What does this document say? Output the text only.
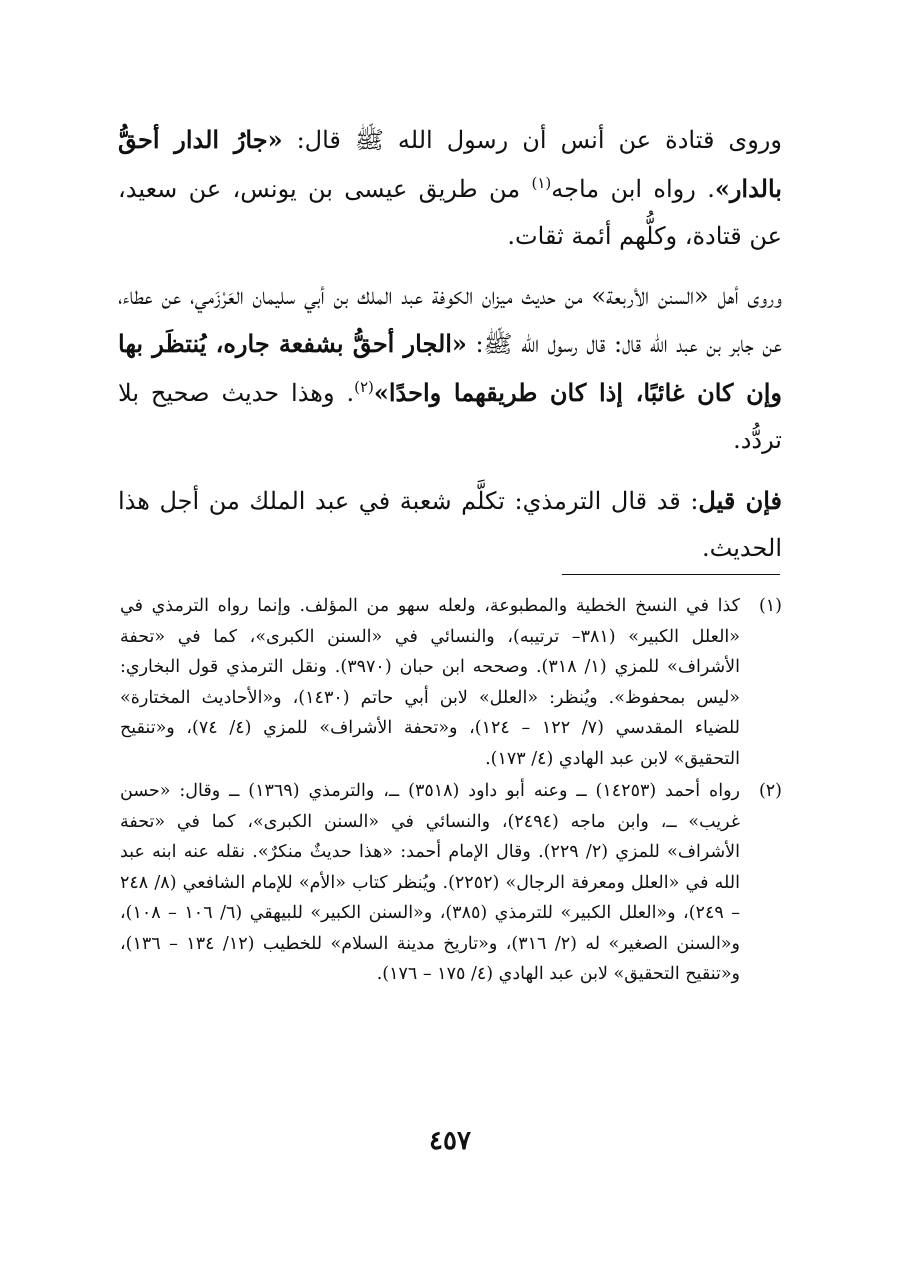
وروى قتادة عن أنس أن رسول الله ﷺ قال: «جارُ الدار أحقُّ بالدار». رواه ابن ماجه$^{(١)}$ من طريق عيسى بن يونس، عن سعيد، عن قتادة، وكلُّهم أئمة ثقات.

وروى أهل «السنن الأربعة» من حديث ميزان الكوفة عبد الملك بن أبي سليمان العَرْزَمي، عن عطاء، عن جابر بن عبد الله قال: قال رسول الله ﷺ: «الجار أحقُّ بشفعة جاره، يُنتظَر بها وإن كان غائبًا، إذا كان طريقهما واحدًا»$^{(٢)}$. وهذا حديث صحيح بلا تردُّد.

فإن قيل: قد قال الترمذي: تكلَّم شعبة في عبد الملك من أجل هذا الحديث.

(١)
كذا في النسخ الخطية والمطبوعة، ولعله سهو من المؤلف. وإنما رواه الترمذي في «العلل الكبير» (٣٨١– ترتيبه)، والنسائي في «السنن الكبرى»، كما في «تحفة الأشراف» للمزي (١/ ٣١٨). وصححه ابن حبان (٣٩٧٠). ونقل الترمذي قول البخاري: «ليس بمحفوظ». ويُنظر: «العلل» لابن أبي حاتم (١٤٣٠)، و«الأحاديث المختارة» للضياء المقدسي (٧/ ١٢٢ – ١٢٤)، و«تحفة الأشراف» للمزي (٤/ ٧٤)، و«تنقيح التحقيق» لابن عبد الهادي (٤/ ١٧٣).
(٢)
رواه أحمد (١٤٢٥٣) ــ وعنه أبو داود (٣٥١٨) ــ، والترمذي (١٣٦٩) ــ وقال: «حسن غريب» ــ، وابن ماجه (٢٤٩٤)، والنسائي في «السنن الكبرى»، كما في «تحفة الأشراف» للمزي (٢/ ٢٢٩). وقال الإمام أحمد: «هذا حديثٌ منكرٌ». نقله عنه ابنه عبد الله في «العلل ومعرفة الرجال» (٢٢٥٢). ويُنظر كتاب «الأم» للإمام الشافعي (٨/ ٢٤٨ – ٢٤٩)، و«العلل الكبير» للترمذي (٣٨٥)، و«السنن الكبير» للبيهقي (٦/ ١٠٦ – ١٠٨)، و«السنن الصغير» له (٢/ ٣١٦)، و«تاريخ مدينة السلام» للخطيب (١٢/ ١٣٤ – ١٣٦)، و«تنقيح التحقيق» لابن عبد الهادي (٤/ ١٧٥ – ١٧٦).
٤٥٧
